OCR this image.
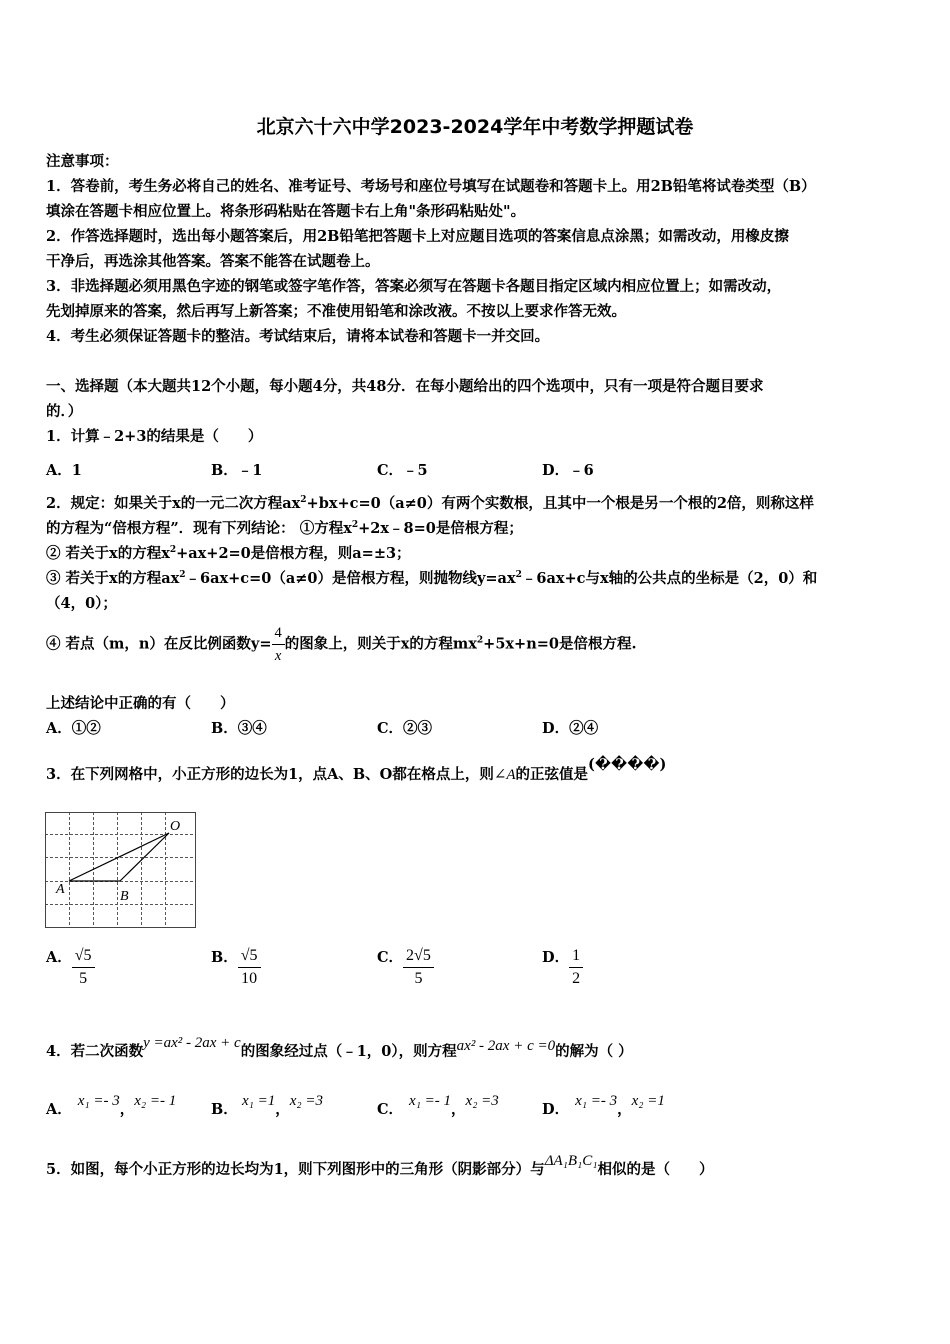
北京六十六中学2023-2024学年中考数学押题试卷
注意事项：
1．答卷前，考生务必将自己的姓名、准考证号、考场号和座位号填写在试题卷和答题卡上。用2B铅笔将试卷类型（B）
填涂在答题卡相应位置上。将条形码粘贴在答题卡右上角"条形码粘贴处"。
2．作答选择题时，选出每小题答案后，用2B铅笔把答题卡上对应题目选项的答案信息点涂黑；如需改动，用橡皮擦
干净后，再选涂其他答案。答案不能答在试题卷上。
3．非选择题必须用黑色字迹的钢笔或签字笔作答，答案必须写在答题卡各题目指定区域内相应位置上；如需改动，
先划掉原来的答案，然后再写上新答案；不准使用铅笔和涂改液。不按以上要求作答无效。
4．考生必须保证答题卡的整洁。考试结束后，请将本试卷和答题卡一并交回。
一、选择题（本大题共12个小题，每小题4分，共48分．在每小题给出的四个选项中，只有一项是符合题目要求
的．）
1．计算﹣2+3的结果是（　　）
A．1	B．﹣1	C．﹣5	D．﹣6
2．规定：如果关于x的一元二次方程$ax^2+bx+c=0(a\ne 0)$有两个实数根，且其中一个根是另一个根的2倍，则称这样
的方程为“倍根方程”．现有下列结论： ①方程$x^2+2x﹣8=0$是倍根方程；
② 若关于x的方程$x^2+ax+2=0$是倍根方程，则a=±3；
③ 若关于x的方程$ax^2﹣6ax+c=0(a\ne 0)$是倍根方程，则抛物线$y=ax^2﹣6ax+c$与x轴的公共点的坐标是（2，0）和
（4，0）；
④ 若点（m，n）在反比例函数$y= \frac{4}{x}$ 的图象上，则关于x的方程$mx^2+5x+n=0$是倍根方程.
上述结论中正确的有（　　）
A．①②	B．③④	C．②③	D．②④
3．在下列网格中，小正方形的边长为1，点A、B、O都在格点上，则∠A的正弦值是(����)
A	B
O
A． $\frac{√5}{5}$	B． $\frac{√5}{10}$	C． $\frac{2√5}{5}$	D． $\frac{1}{2}$
4．若二次函数y =ax² - 2ax + c的图象经过点（﹣1，0），则方程ax² - 2ax + c =0的解为（ ）
A． x₁ =- 3，x₂ =- 1	x₁ =1，x₂ =3
B．	C． x₁ =- 1，x₂ =3	D． x₁ =- 3，x₂ =1
5．如图，每个小正方形的边长均为1，则下列图形中的三角形（阴影部分）与ΔA₁B₁C₁相似的是（　　）
